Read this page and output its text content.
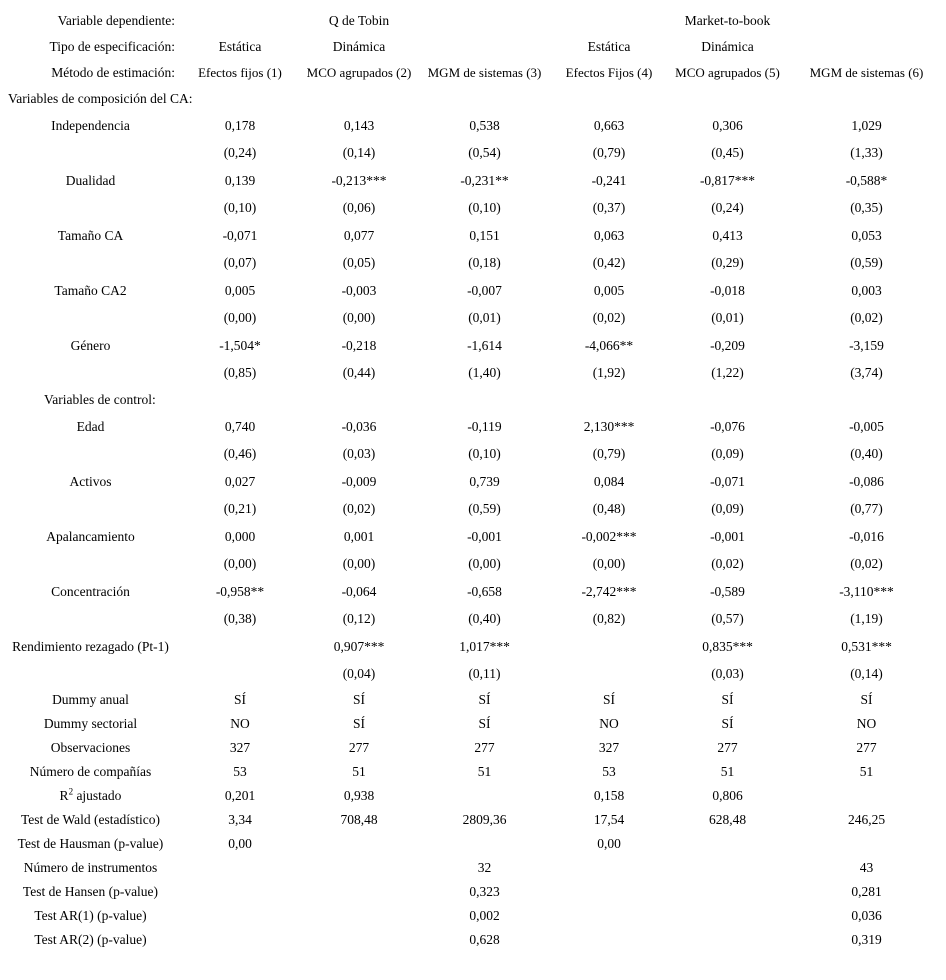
Variable dependiente:		Q de Tobin			Market-to-book	
Tipo de especificación:	Estática	Dinámica		Estática	Dinámica	
Método de estimación:	Efectos fijos (1)	MCO agrupados (2)	MGM de sistemas (3)	Efectos Fijos (4)	MCO agrupados (5)	MGM de sistemas (6)
Variables de composición del CA:						
Independencia	0,178	0,143	0,538	0,663	0,306	1,029
	(0,24)	(0,14)	(0,54)	(0,79)	(0,45)	(1,33)
Dualidad	0,139	-0,213***	-0,231**	-0,241	-0,817***	-0,588*
	(0,10)	(0,06)	(0,10)	(0,37)	(0,24)	(0,35)
Tamaño CA	-0,071	0,077	0,151	0,063	0,413	0,053
	(0,07)	(0,05)	(0,18)	(0,42)	(0,29)	(0,59)
Tamaño CA2	0,005	-0,003	-0,007	0,005	-0,018	0,003
	(0,00)	(0,00)	(0,01)	(0,02)	(0,01)	(0,02)
Género	-1,504*	-0,218	-1,614	-4,066**	-0,209	-3,159
	(0,85)	(0,44)	(1,40)	(1,92)	(1,22)	(3,74)
Variables de control:						
Edad	0,740	-0,036	-0,119	2,130***	-0,076	-0,005
	(0,46)	(0,03)	(0,10)	(0,79)	(0,09)	(0,40)
Activos	0,027	-0,009	0,739	0,084	-0,071	-0,086
	(0,21)	(0,02)	(0,59)	(0,48)	(0,09)	(0,77)
Apalancamiento	0,000	0,001	-0,001	-0,002***	-0,001	-0,016
	(0,00)	(0,00)	(0,00)	(0,00)	(0,02)	(0,02)
Concentración	-0,958**	-0,064	-0,658	-2,742***	-0,589	-3,110***
	(0,38)	(0,12)	(0,40)	(0,82)	(0,57)	(1,19)
Rendimiento rezagado (Pt-1)		0,907***	1,017***		0,835***	0,531***
		(0,04)	(0,11)		(0,03)	(0,14)
Dummy anual	SÍ	SÍ	SÍ	SÍ	SÍ	SÍ
Dummy sectorial	NO	SÍ	SÍ	NO	SÍ	NO
Observaciones	327	277	277	327	277	277
Número de compañías	53	51	51	53	51	51
$R^2$ ajustado	0,201	0,938		0,158	0,806	
Test de Wald (estadístico)	3,34	708,48	2809,36	17,54	628,48	246,25
Test de Hausman (p-value)	0,00			0,00		
Número de instrumentos			32			43
Test de Hansen (p-value)			0,323			0,281
Test AR(1) (p-value)			0,002			0,036
Test AR(2) (p-value)			0,628			0,319
